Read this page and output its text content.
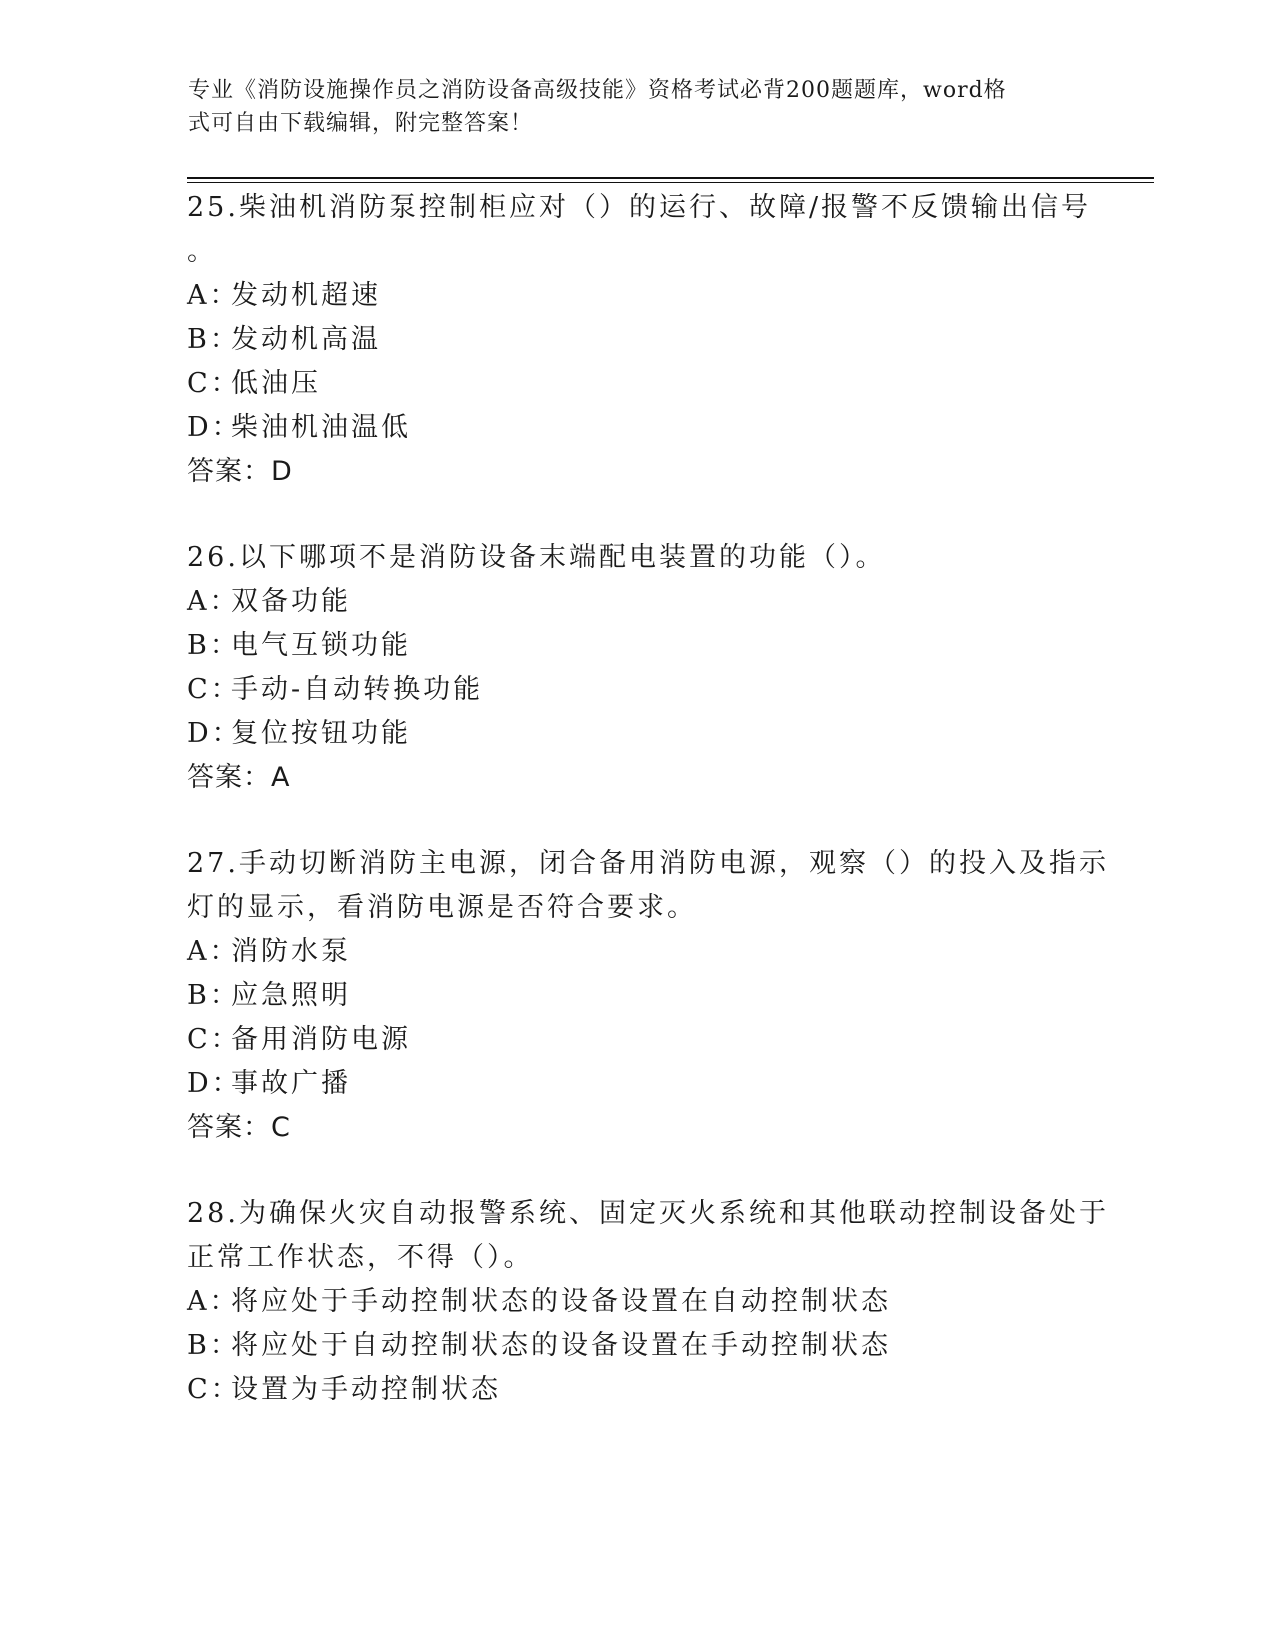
专业《消防设施操作员之消防设备高级技能》资格考试必背200题题库，word格
式可自由下载编辑，附完整答案！
25.柴油机消防泵控制柜应对（）的运行、故障/报警不反馈输出信号
。
A：发动机超速
B：发动机高温
C：低油压
D：柴油机油温低
答案：D
26.以下哪项不是消防设备末端配电装置的功能（）。
A：双备功能
B：电气互锁功能
C：手动-自动转换功能
D：复位按钮功能
答案：A
27.手动切断消防主电源，闭合备用消防电源，观察（）的投入及指示
灯的显示，看消防电源是否符合要求。
A：消防水泵
B：应急照明
C：备用消防电源
D：事故广播
答案：C
28.为确保火灾自动报警系统、固定灭火系统和其他联动控制设备处于
正常工作状态，不得（）。
A：将应处于手动控制状态的设备设置在自动控制状态
B：将应处于自动控制状态的设备设置在手动控制状态
C：设置为手动控制状态
